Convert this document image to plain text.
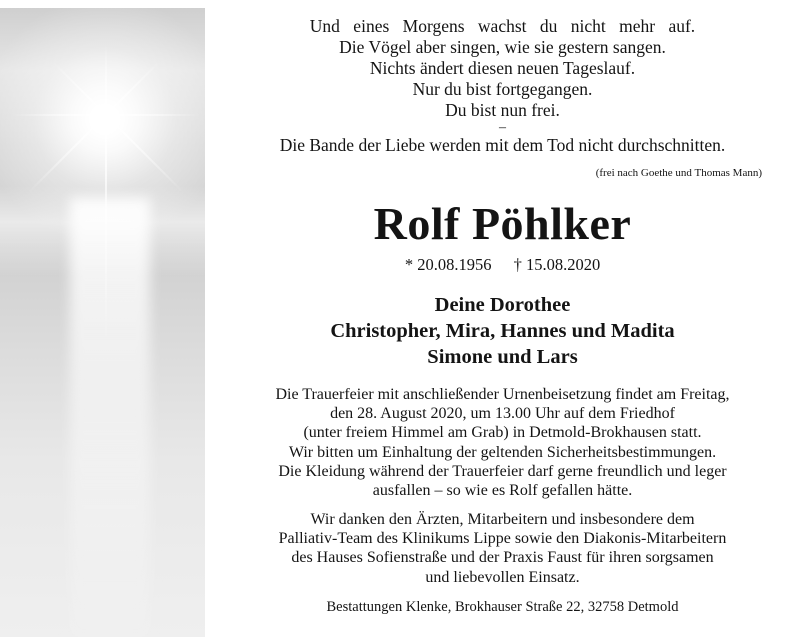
Und eines Morgens wachst du nicht mehr auf.
Die Vögel aber singen, wie sie gestern sangen.
Nichts ändert diesen neuen Tageslauf.
Nur du bist fortgegangen.
Du bist nun frei.
–
Die Bande der Liebe werden mit dem Tod nicht durchschnitten.
(frei nach Goethe und Thomas Mann)
Rolf Pöhlker
* 20.08.1956 † 15.08.2020
Deine Dorothee
Christopher, Mira, Hannes und Madita
Simone und Lars
Die Trauerfeier mit anschließender Urnenbeisetzung findet am Freitag,
den 28. August 2020, um 13.00 Uhr auf dem Friedhof
(unter freiem Himmel am Grab) in Detmold-Brokhausen statt.
Wir bitten um Einhaltung der geltenden Sicherheitsbestimmungen.
Die Kleidung während der Trauerfeier darf gerne freundlich und leger
ausfallen – so wie es Rolf gefallen hätte.
Wir danken den Ärzten, Mitarbeitern und insbesondere dem
Palliativ-Team des Klinikums Lippe sowie den Diakonis-Mitarbeitern
des Hauses Sofienstraße und der Praxis Faust für ihren sorgsamen
und liebevollen Einsatz.
Bestattungen Klenke, Brokhauser Straße 22, 32758 Detmold
